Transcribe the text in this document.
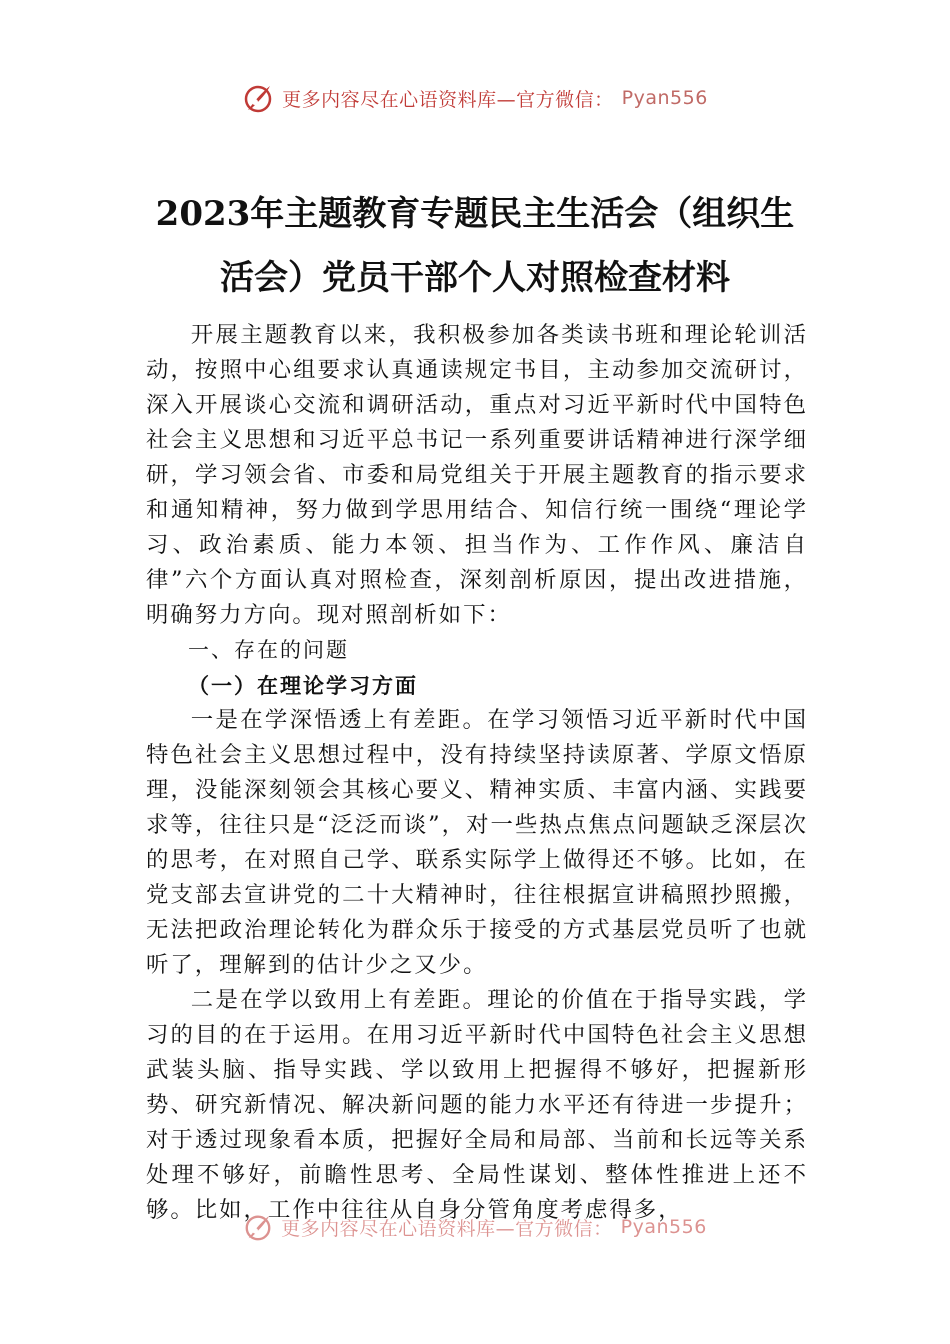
更多内容尽在心语资料库—官方微信： Pyan556
2023年主题教育专题民主生活会（组织生
活会）党员干部个人对照检查材料

开展主题教育以来，我积极参加各类读书班和理论轮训活动，按照中心组要求认真通读规定书目，主动参加交流研讨，深入开展谈心交流和调研活动，重点对习近平新时代中国特色社会主义思想和习近平总书记一系列重要讲话精神进行深学细研，学习领会省、市委和局党组关于开展主题教育的指示要求和通知精神，努力做到学思用结合、知信行统一围绕“理论学习、政治素质、能力本领、担当作为、工作作风、廉洁自律”六个方面认真对照检查，深刻剖析原因，提出改进措施，明确努力方向。现对照剖析如下：

一、存在的问题

（一）在理论学习方面

一是在学深悟透上有差距。在学习领悟习近平新时代中国特色社会主义思想过程中，没有持续坚持读原著、学原文悟原理，没能深刻领会其核心要义、精神实质、丰富内涵、实践要求等，往往只是“泛泛而谈”，对一些热点焦点问题缺乏深层次的思考，在对照自己学、联系实际学上做得还不够。比如，在党支部去宣讲党的二十大精神时，往往根据宣讲稿照抄照搬，无法把政治理论转化为群众乐于接受的方式基层党员听了也就听了，理解到的估计少之又少。

二是在学以致用上有差距。理论的价值在于指导实践，学习的目的在于运用。在用习近平新时代中国特色社会主义思想武装头脑、指导实践、学以致用上把握得不够好，把握新形势、研究新情况、解决新问题的能力水平还有待进一步提升；对于透过现象看本质，把握好全局和局部、当前和长远等关系处理不够好，前瞻性思考、全局性谋划、整体性推进上还不够。比如，工作中往往从自身分管角度考虑得多，

更多内容尽在心语资料库—官方微信： Pyan556
